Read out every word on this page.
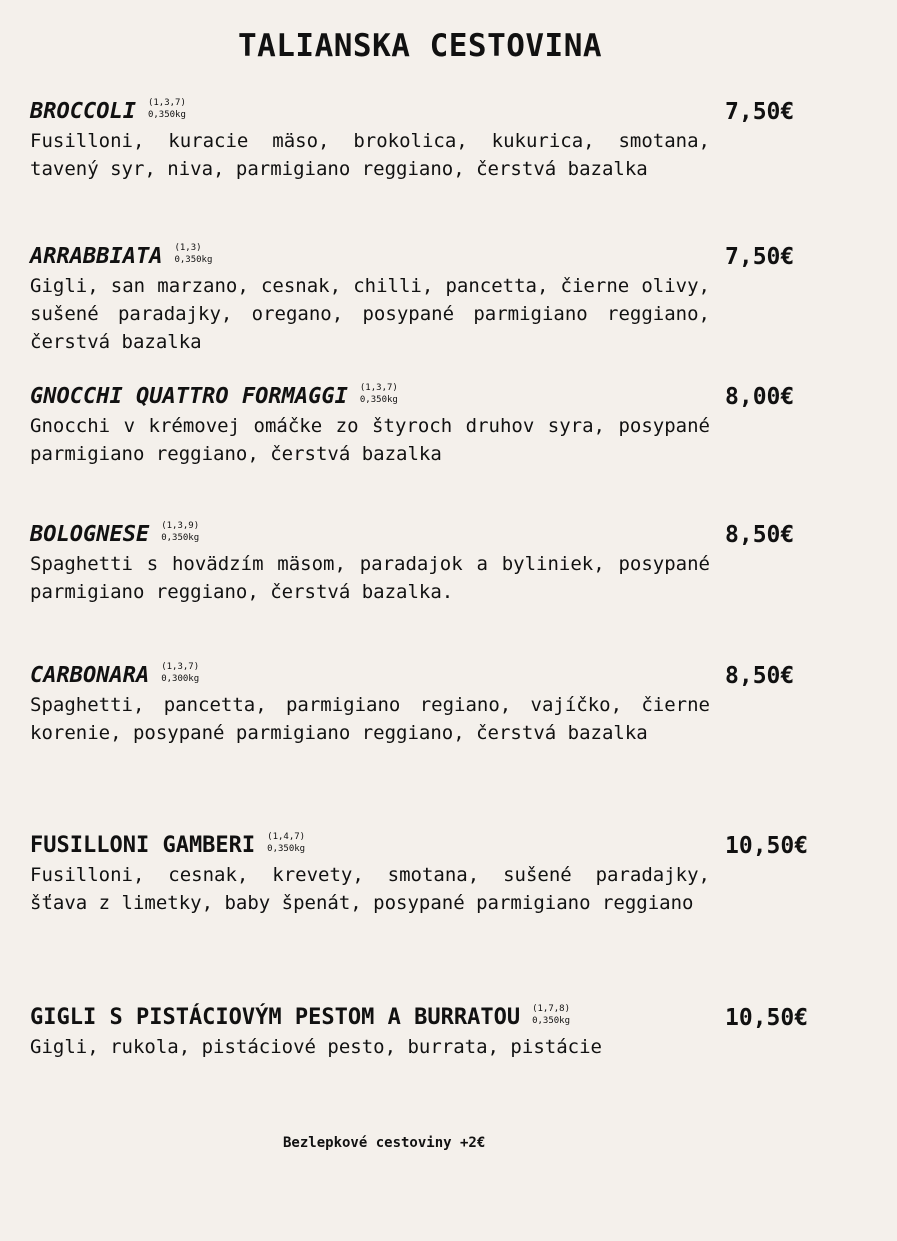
TALIANSKA CESTOVINA
BROCCOLI (1,3,7)
0,350kg	7,50€

Fusilloni, kuracie mäso, brokolica, kukurica, smotana, tavený syr, niva, parmigiano reggiano, čerstvá bazalka

ARRABBIATA (1,3)
0,350kg	7,50€

Gigli, san marzano, cesnak, chilli, pancetta, čierne olivy, sušené paradajky, oregano, posypané parmigiano reggiano, čerstvá bazalka

GNOCCHI QUATTRO FORMAGGI (1,3,7)
0,350kg	8,00€

Gnocchi v krémovej omáčke zo štyroch druhov syra, posypané parmigiano reggiano, čerstvá bazalka

BOLOGNESE (1,3,9)
0,350kg	8,50€

Spaghetti s hovädzím mäsom, paradajok a byliniek, posypané parmigiano reggiano, čerstvá bazalka.

CARBONARA (1,3,7)
0,300kg	8,50€

Spaghetti, pancetta, parmigiano regiano, vajíčko, čierne korenie, posypané parmigiano reggiano, čerstvá bazalka

FUSILLONI GAMBERI (1,4,7)
0,350kg	10,50€

Fusilloni, cesnak, krevety, smotana, sušené paradajky, šťava z limetky, baby špenát, posypané parmigiano reggiano

GIGLI S PISTÁCIOVÝM PESTOM A BURRATOU (1,7,8)
0,350kg	10,50€

Gigli, rukola, pistáciové pesto, burrata, pistácie

Bezlepkové cestoviny +2€
